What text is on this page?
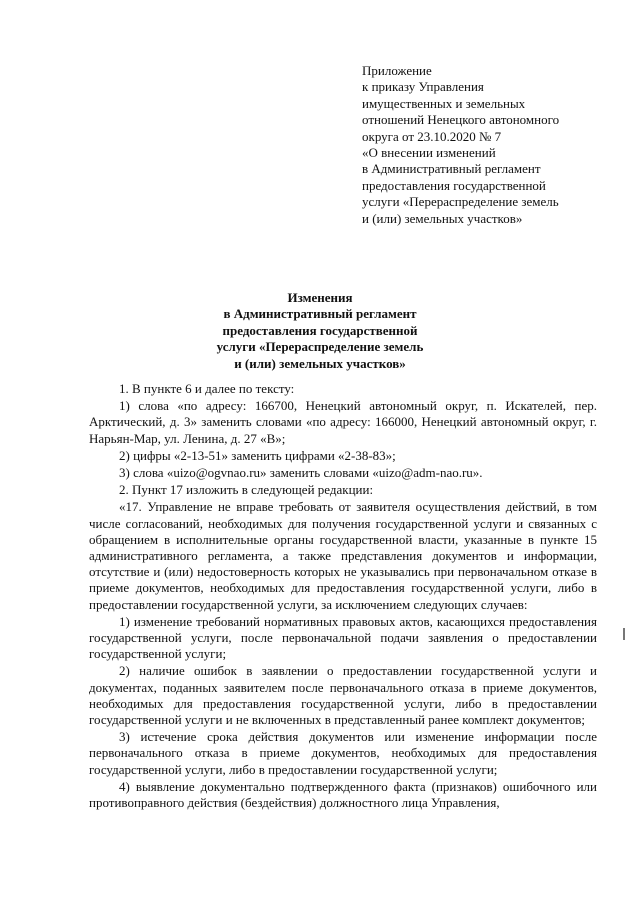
Приложение
к приказу Управления
имущественных и земельных
отношений Ненецкого автономного
округа от 23.10.2020 № 7
«О внесении изменений
в Административный регламент
предоставления государственной
услуги «Перераспределение земель
и (или) земельных участков»
Изменения
в Административный регламент
предоставления государственной
услуги «Перераспределение земель
и (или) земельных участков»

1. В пункте 6 и далее по тексту:

1) слова «по адресу: 166700, Ненецкий автономный округ, п. Искателей, пер. Арктический, д. 3» заменить словами «по адресу: 166000, Ненецкий автономный округ, г. Нарьян-Мар, ул. Ленина, д. 27 «В»;

2) цифры «2-13-51» заменить цифрами «2-38-83»;

3) слова «uizo@ogvnao.ru» заменить словами «uizo@adm-nao.ru».

2. Пункт 17 изложить в следующей редакции:

«17. Управление не вправе требовать от заявителя осуществления действий, в том числе согласований, необходимых для получения государственной услуги и связанных с обращением в исполнительные органы государственной власти, указанные в пункте 15 административного регламента, а также представления документов и информации, отсутствие и (или) недостоверность которых не указывались при первоначальном отказе в приеме документов, необходимых для предоставления государственной услуги, либо в предоставлении государственной услуги, за исключением следующих случаев:

1) изменение требований нормативных правовых актов, касающихся предоставления государственной услуги, после первоначальной подачи заявления о предоставлении государственной услуги;

2) наличие ошибок в заявлении о предоставлении государственной услуги и документах, поданных заявителем после первоначального отказа в приеме документов, необходимых для предоставления государственной услуги, либо в предоставлении государственной услуги и не включенных в представленный ранее комплект документов;

3) истечение срока действия документов или изменение информации после первоначального отказа в приеме документов, необходимых для предоставления государственной услуги, либо в предоставлении государственной услуги;

4) выявление документально подтвержденного факта (признаков) ошибочного или противоправного действия (бездействия) должностного лица Управления,
